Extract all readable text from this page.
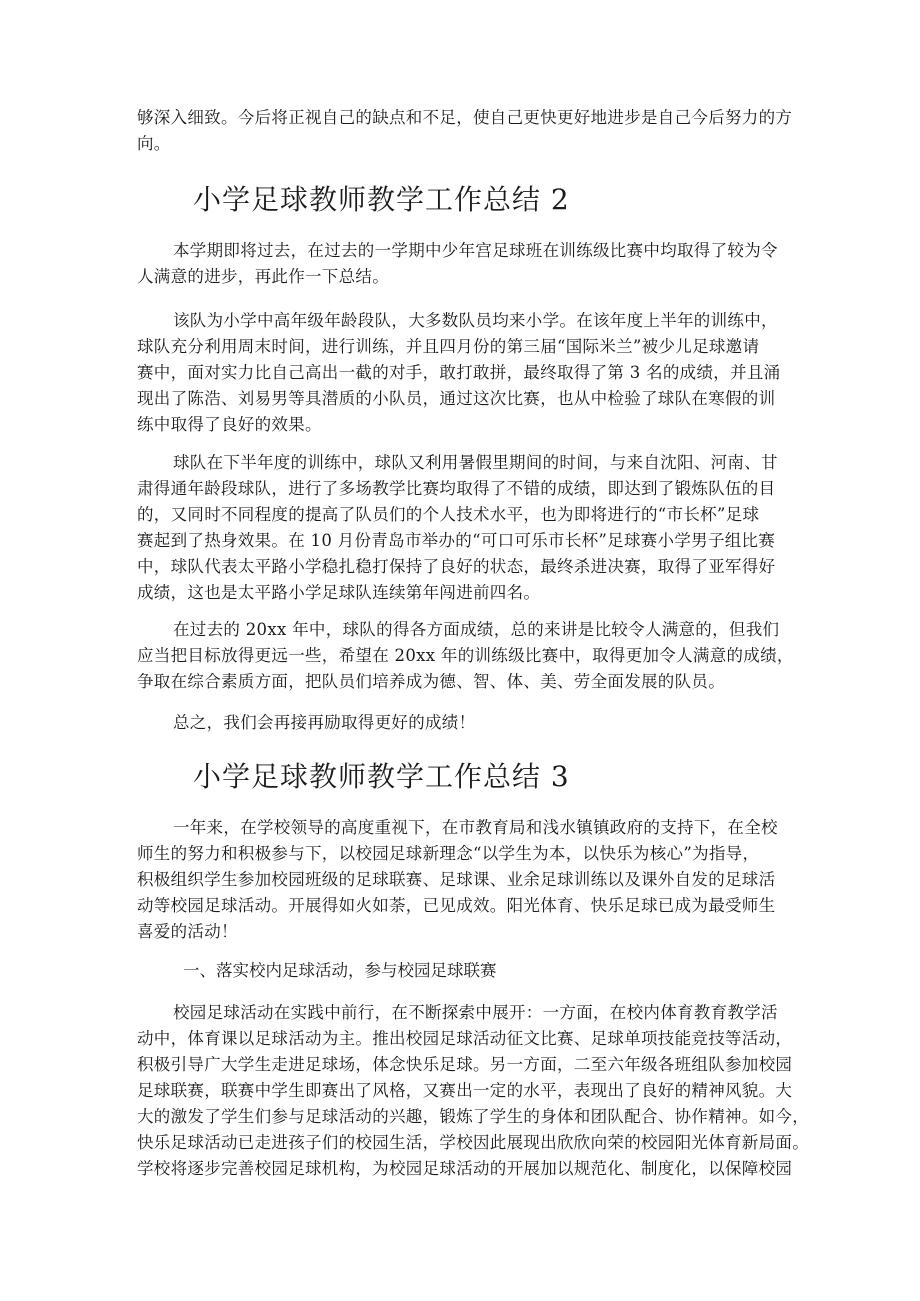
够深入细致。今后将正视自己的缺点和不足，使自己更快更好地进步是自己今后努力的方
向。
小学足球教师教学工作总结 2
本学期即将过去，在过去的一学期中少年宫足球班在训练级比赛中均取得了较为令
人满意的进步，再此作一下总结。
该队为小学中高年级年龄段队，大多数队员均来小学。在该年度上半年的训练中，
球队充分利用周末时间，进行训练，并且四月份的第三届“国际米兰”被少儿足球邀请
赛中，面对实力比自己高出一截的对手，敢打敢拼，最终取得了第 3 名的成绩，并且涌
现出了陈浩、刘易男等具潜质的小队员，通过这次比赛，也从中检验了球队在寒假的训
练中取得了良好的效果。
球队在下半年度的训练中，球队又利用暑假里期间的时间，与来自沈阳、河南、甘
肃得通年龄段球队，进行了多场教学比赛均取得了不错的成绩，即达到了锻炼队伍的目
的，又同时不同程度的提高了队员们的个人技术水平，也为即将进行的“市长杯”足球
赛起到了热身效果。在 10 月份青岛市举办的“可口可乐市长杯”足球赛小学男子组比赛
中，球队代表太平路小学稳扎稳打保持了良好的状态，最终杀进决赛，取得了亚军得好
成绩，这也是太平路小学足球队连续第年闯进前四名。
在过去的 20xx 年中，球队的得各方面成绩，总的来讲是比较令人满意的，但我们
应当把目标放得更远一些，希望在 20xx 年的训练级比赛中，取得更加令人满意的成绩，
争取在综合素质方面，把队员们培养成为德、智、体、美、劳全面发展的队员。
总之，我们会再接再励取得更好的成绩！
小学足球教师教学工作总结 3
一年来，在学校领导的高度重视下，在市教育局和浅水镇镇政府的支持下，在全校
师生的努力和积极参与下，以校园足球新理念“以学生为本，以快乐为核心”为指导，
积极组织学生参加校园班级的足球联赛、足球课、业余足球训练以及课外自发的足球活
动等校园足球活动。开展得如火如荼，已见成效。阳光体育、快乐足球已成为最受师生
喜爱的活动！
一、落实校内足球活动，参与校园足球联赛
校园足球活动在实践中前行，在不断探索中展开：一方面，在校内体育教育教学活
动中，体育课以足球活动为主。推出校园足球活动征文比赛、足球单项技能竞技等活动，
积极引导广大学生走进足球场，体念快乐足球。另一方面，二至六年级各班组队参加校园
足球联赛，联赛中学生即赛出了风格，又赛出一定的水平，表现出了良好的精神风貌。大
大的激发了学生们参与足球活动的兴趣，锻炼了学生的身体和团队配合、协作精神。如今，
快乐足球活动已走进孩子们的校园生活，学校因此展现出欣欣向荣的校园阳光体育新局面。
学校将逐步完善校园足球机构，为校园足球活动的开展加以规范化、制度化，以保障校园
